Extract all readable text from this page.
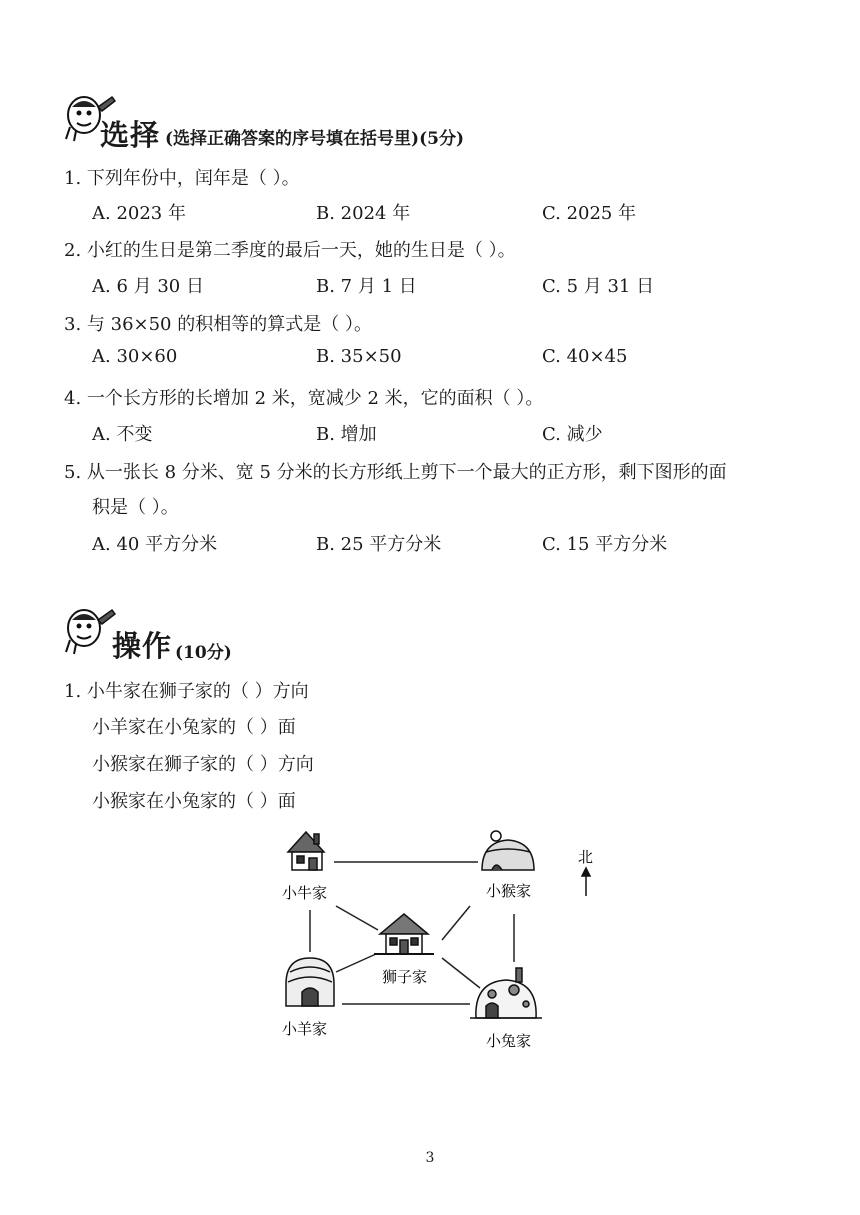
选择 (选择正确答案的序号填在括号里)(5分)
1. 下列年份中，闰年是（ ）。
A. 2023 年	B. 2024 年	C. 2025 年
2. 小红的生日是第二季度的最后一天，她的生日是（ ）。
A. 6 月 30 日	B. 7 月 1 日	C. 5 月 31 日
3. 与 36×50 的积相等的算式是（ ）。
A. 30×60	B. 35×50	C. 40×45
4. 一个长方形的长增加 2 米，宽减少 2 米，它的面积（ ）。
A. 不变	B. 增加	C. 减少
5. 从一张长 8 分米、宽 5 分米的长方形纸上剪下一个最大的正方形，剩下图形的面
积是（ ）。
A. 40 平方分米	B. 25 平方分米	C. 15 平方分米
操作 (10分)
1. 小牛家在狮子家的（ ）方向
小羊家在小兔家的（ ）面
小猴家在狮子家的（ ）方向
小猴家在小兔家的（ ）面
小牛家	小猴家
狮子家
小羊家
小兔家
北
3
